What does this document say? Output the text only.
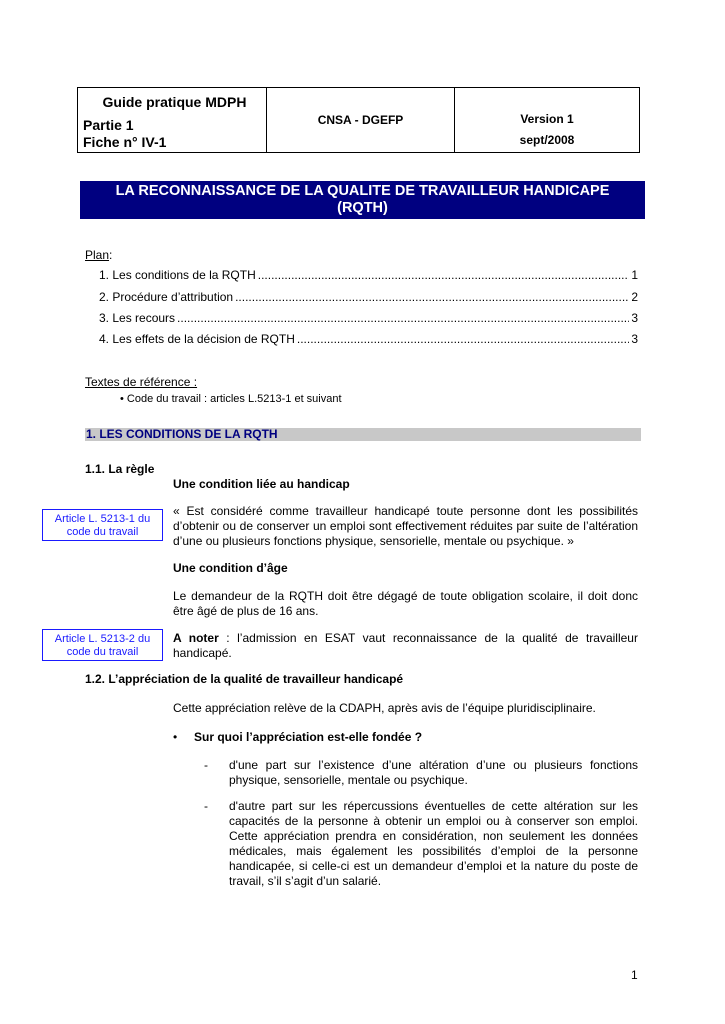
Guide pratique MDPH
Partie 1
Fiche n° IV-1
CNSA - DGEFP	Version 1
sept/2008
LA RECONNAISSANCE DE LA QUALITE DE TRAVAILLEUR HANDICAPE
(RQTH)
Plan:
1. Les conditions de la RQTH .....	1
2. Procédure d’attribution .....	2
3. Les recours .....	3
4. Les effets de la décision de RQTH .....	3
Textes de référence :
• Code du travail : articles L.5213-1 et suivant
1. LES CONDITIONS DE LA RQTH
1.1. La règle
Une condition liée au handicap
« Est considéré comme travailleur handicapé toute personne dont les possibilités d’obtenir ou de conserver un emploi sont effectivement réduites par suite de l’altération d’une ou plusieurs fonctions physique, sensorielle, mentale ou psychique. »
Article L. 5213-1 du code du travail
Une condition d’âge
Le demandeur de la RQTH doit être dégagé de toute obligation scolaire, il doit donc être âgé de plus de 16 ans.
A noter : l’admission en ESAT vaut reconnaissance de la qualité de travailleur handicapé.
Article L. 5213-2 du code du travail
1.2. L’appréciation de la qualité de travailleur handicapé
Cette appréciation relève de la CDAPH, après avis de l’équipe pluridisciplinaire.
• Sur quoi l’appréciation est-elle fondée ?
- d'une part sur l’existence d’une altération d’une ou plusieurs fonctions physique, sensorielle, mentale ou psychique.
- d'autre part sur les répercussions éventuelles de cette altération sur les capacités de la personne à obtenir un emploi ou à conserver son emploi. Cette appréciation prendra en considération, non seulement les données médicales, mais également les possibilités d’emploi de la personne handicapée, si celle-ci est un demandeur d’emploi et la nature du poste de travail, s’il s’agit d’un salarié.
1
